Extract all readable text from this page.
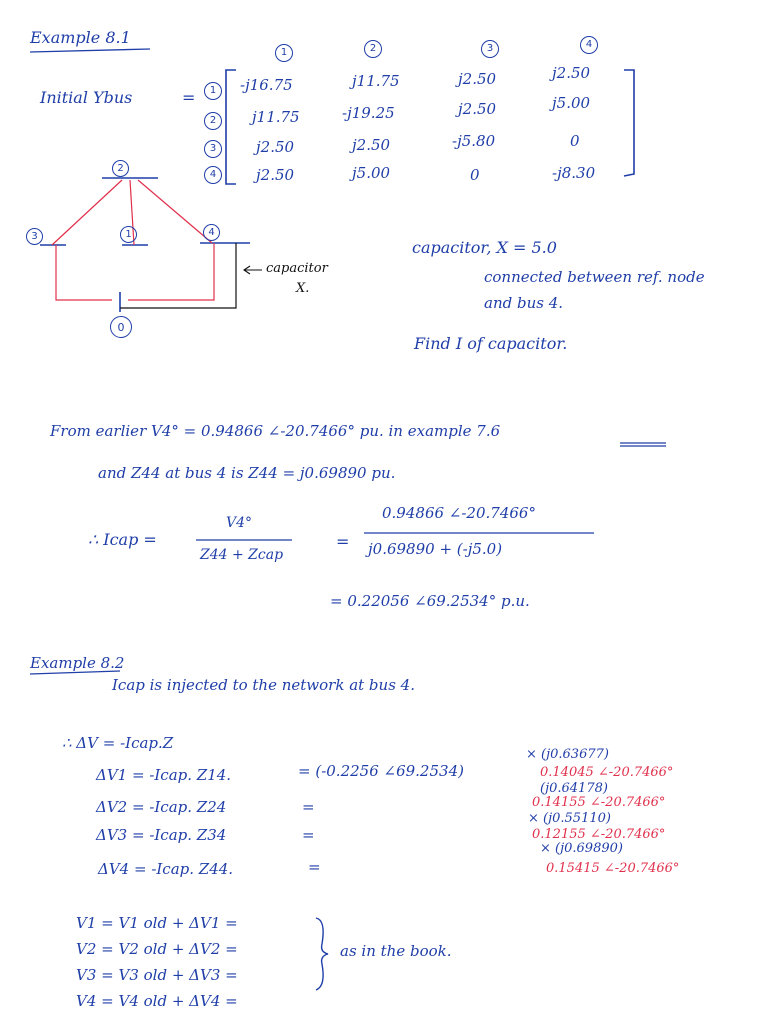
Example 8.1
1	2	3	4
Initial Ybus	=	1
2
3
4
-j16.75	j11.75	j2.50	j2.50
j11.75	-j19.25	j2.50	j5.00
j2.50	j2.50	-j5.80	0
j2.50	j5.00	0	-j8.30
2
3	1	4
0
capacitor
X.
capacitor, X = 5.0
connected between ref. node
and bus 4.
Find I of capacitor.
From earlier V4° = 0.94866 ∠-20.7466° pu. in example 7.6
and Z44 at bus 4 is Z44 = j0.69890 pu.
∴ Icap =
V4°
Z44 + Zcap
=
0.94866 ∠-20.7466°
j0.69890 + (-j5.0)
= 0.22056 ∠69.2534° p.u.
Example 8.2
Icap is injected to the network at bus 4.
∴ ΔV = -Icap.Z
ΔV1 = -Icap. Z14.	= (-0.2256 ∠69.2534)
× (j0.63677)
0.14045 ∠-20.7466°
ΔV2 = -Icap. Z24	=
(j0.64178)
0.14155 ∠-20.7466°
ΔV3 = -Icap. Z34	=
× (j0.55110)
0.12155 ∠-20.7466°
ΔV4 = -Icap. Z44.	=
× (j0.69890)
0.15415 ∠-20.7466°
V1 = V1 old + ΔV1 =
V2 = V2 old + ΔV2 =
V3 = V3 old + ΔV3 =
V4 = V4 old + ΔV4 =
as in the book.
